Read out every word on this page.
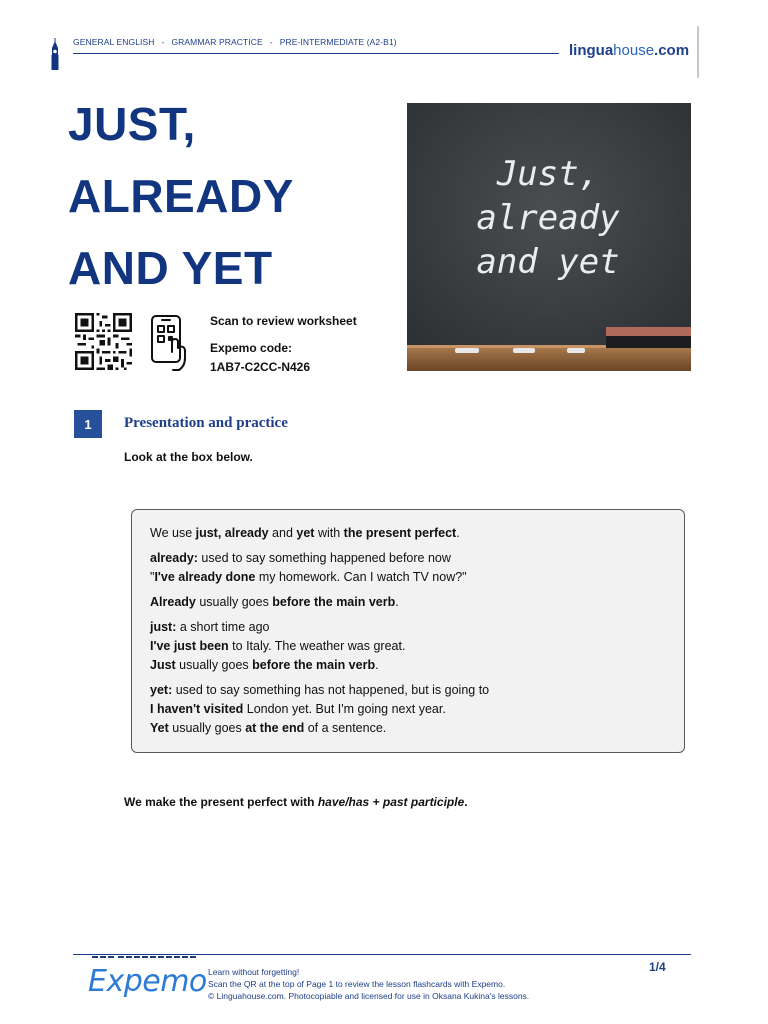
GENERAL ENGLISH - GRAMMAR PRACTICE - PRE-INTERMEDIATE (A2-B1)	linguahouse.com
JUST,
ALREADY
AND YET
Just,
already
and yet
Scan to review worksheet
Expemo code:
1AB7-C2CC-N426
1	Presentation and practice
Look at the box below.

We use just, already and yet with the present perfect.

already: used to say something happened before now

"I've already done my homework. Can I watch TV now?"

Already usually goes before the main verb.

just: a short time ago

I've just been to Italy. The weather was great.

Just usually goes before the main verb.

yet: used to say something has not happened, but is going to

I haven't visited London yet. But I'm going next year.

Yet usually goes at the end of a sentence.

We make the present perfect with have/has + past participle.
Expemo Learn without forgetting!
Scan the QR at the top of Page 1 to review the lesson flashcards with Expemo.
© Linguahouse.com. Photocopiable and licensed for use in Oksana Kukina's lessons.
1/4
